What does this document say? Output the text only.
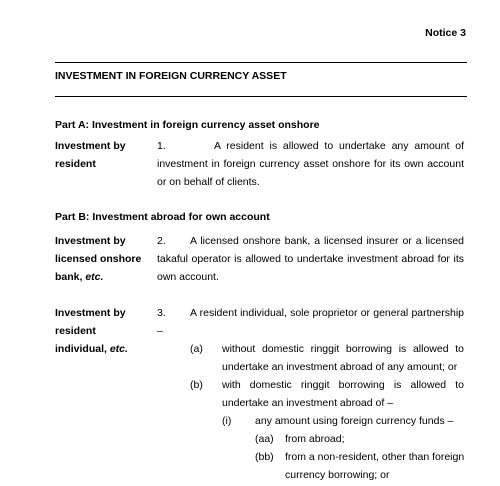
Notice 3
INVESTMENT IN FOREIGN CURRENCY ASSET
Part A: Investment in foreign currency asset onshore
Investment by
resident
1.	A resident is allowed to undertake any amount of
investment in foreign currency asset onshore for its own account
or on behalf of clients.
Part B: Investment abroad for own account
Investment by
licensed onshore
bank, etc.
2. A licensed onshore bank, a licensed insurer or a licensed
takaful operator is allowed to undertake investment abroad for its
own account.
Investment by
resident
individual, etc.
3. A resident individual, sole proprietor or general partnership
–
(a) without domestic ringgit borrowing is allowed to
undertake an investment abroad of any amount; or
(b) with domestic ringgit borrowing is allowed to
undertake an investment abroad of –
(i) any amount using foreign currency funds –
(aa) from abroad;
(bb) from a non-resident, other than foreign
currency borrowing; or
